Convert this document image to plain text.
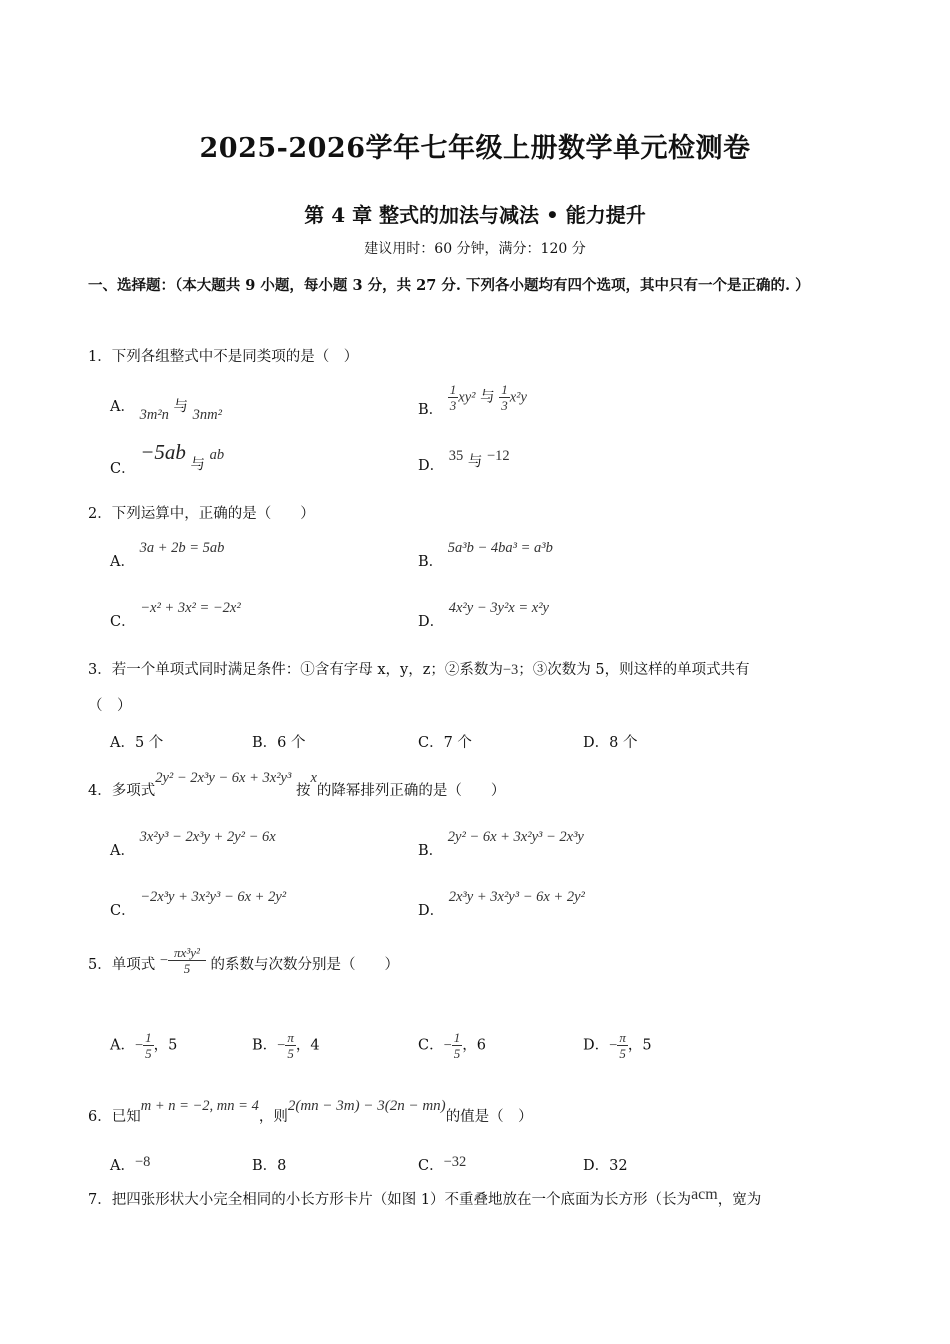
2025-2026学年七年级上册数学单元检测卷
第 4 章 整式的加法与减法 • 能力提升
建议用时：60 分钟，满分：120 分
一、选择题：（本大题共 9 小题，每小题 3 分，共 27 分. 下列各小题均有四个选项，其中只有一个是正确的. ）
1．下列各组整式中不是同类项的是（　）
A． 3m²n 与 3nm²	B． $\frac{1}{3} xy^2$ 与 $\frac{1}{3} x^2y$
C． −5ab 与 ab
D． 35 与 −12
2．下列运算中，正确的是（　　）
A． 3a + 2b = 5ab
B． 5a³b − 4ba³ = a³b
C． −x² + 3x² = −2x²
D． 4x²y − 3y²x = x²y
3．若一个单项式同时满足条件：①含有字母 x，y，z；②系数为−3；③次数为 5，则这样的单项式共有
（　）
A．5 个	B．6 个	C．7 个	D．8 个
4．多项式2y² − 2x³y − 6x + 3x²y³ 按x的降幂排列正确的是（　　）
A． 3x²y³ − 2x³y + 2y² − 6x
B． 2y² − 6x + 3x²y³ − 2x³y
C． −2x³y + 3x²y³ − 6x + 2y²
D． 2x³y + 3x²y³ − 6x + 2y²
5．单项式 − $\frac{\text{πx³y²}}{5}$ 的系数与次数分别是（　　）
A．− $\frac{1}{5}$ ，5	B．− $\frac{\pi}{5}$ ，4	C．− $\frac{1}{5}$ ，6	D．− $\frac{\pi}{5}$ ，5
6．已知m + n = −2, mn = 4，则2(mn − 3m) − 3(2n − mn)的值是（　）
A．−8	B．8	C．−32	D．32
7．把四张形状大小完全相同的小长方形卡片（如图 1）不重叠地放在一个底面为长方形（长为acm，宽为
